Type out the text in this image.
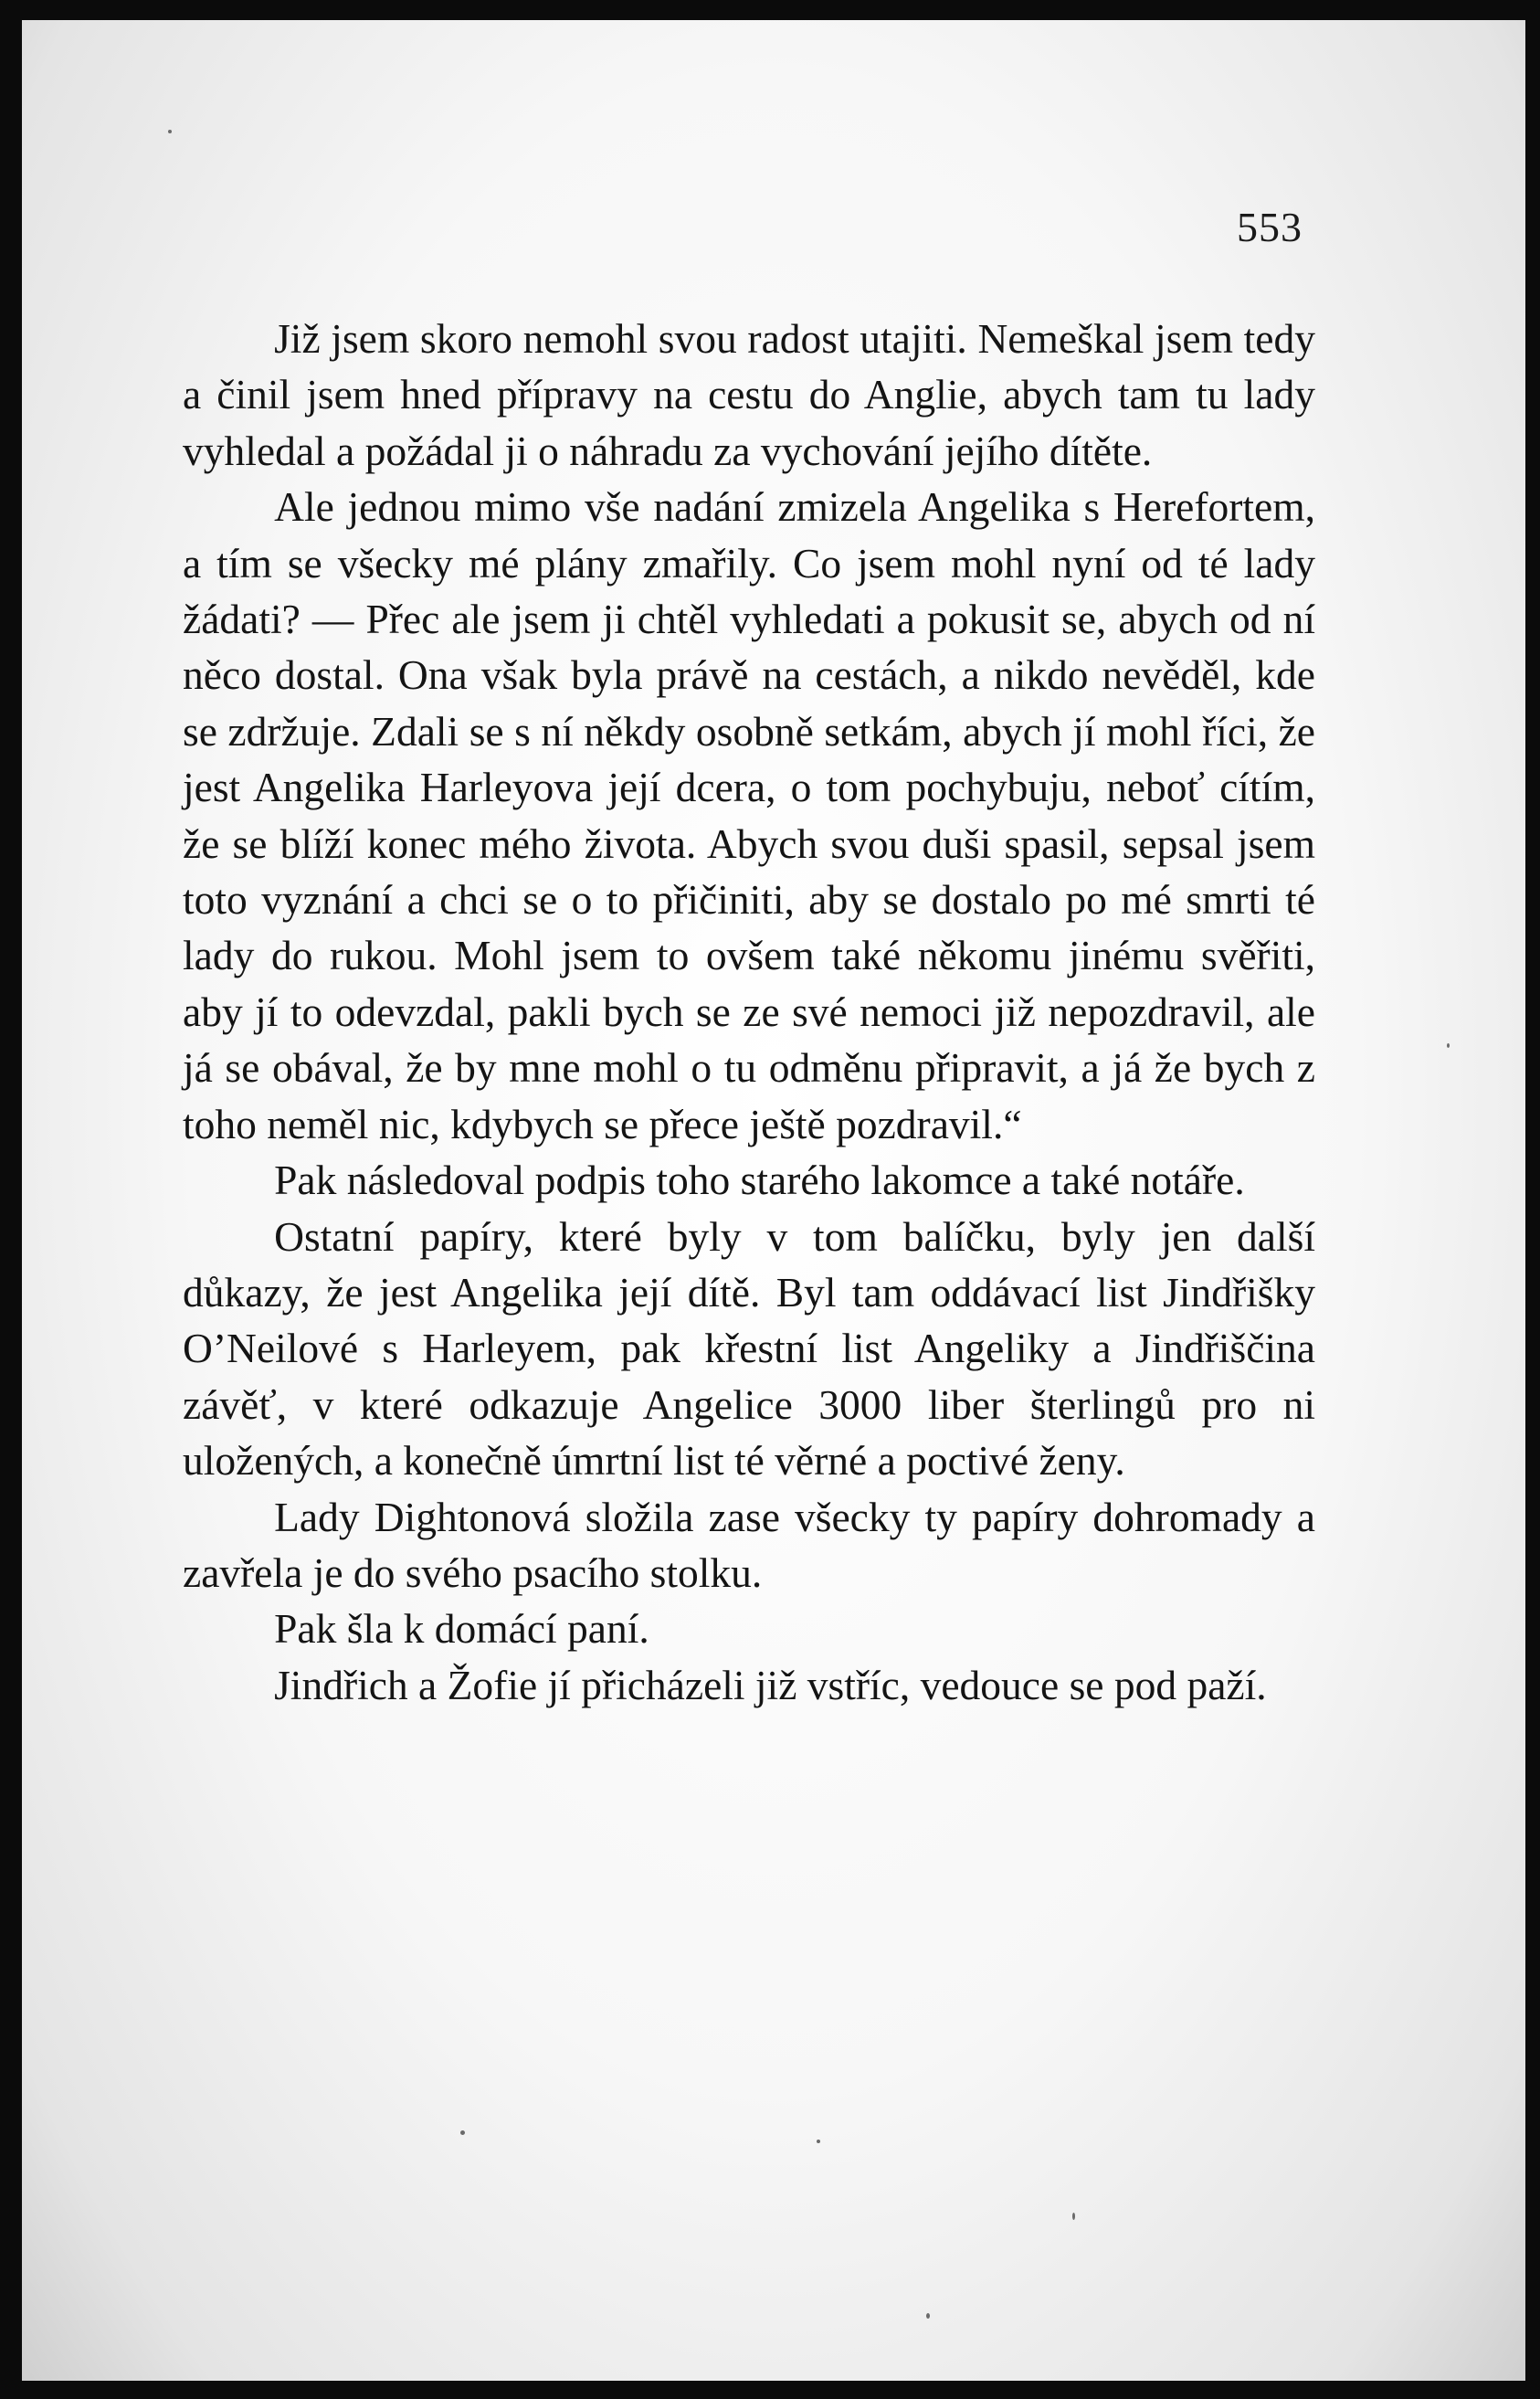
553

Již jsem skoro nemohl svou radost utajiti. Nemeškal jsem tedy a činil jsem hned přípravy na cestu do Anglie, abych tam tu lady vyhledal a požádal ji o náhradu za vychování jejího dítěte.

Ale jednou mimo vše nadání zmizela Angelika s Herefortem, a tím se všecky mé plány zmařily. Co jsem mohl nyní od té lady žádati? — Přec ale jsem ji chtěl vyhledati a pokusit se, abych od ní něco dostal. Ona však byla právě na cestách, a nikdo nevěděl, kde se zdržuje. Zdali se s ní někdy osobně setkám, abych jí mohl říci, že jest Angelika Harleyova její dcera, o tom pochybuju, neboť cítím, že se blíží konec mého života. Abych svou duši spasil, sepsal jsem toto vyznání a chci se o to přičiniti, aby se dostalo po mé smrti té lady do rukou. Mohl jsem to ovšem také někomu jinému svěřiti, aby jí to odevzdal, pakli bych se ze své nemoci již nepozdravil, ale já se obával, že by mne mohl o tu odměnu připravit, a já že bych z toho neměl nic, kdybych se přece ještě pozdravil.“

Pak následoval podpis toho starého lakomce a také notáře.

Ostatní papíry, které byly v tom balíčku, byly jen další důkazy, že jest Angelika její dítě. Byl tam oddávací list Jindřišky O’Neilové s Harleyem, pak křestní list Angeliky a Jindřiščina závěť, v které odkazuje Angelice 3000 liber šterlingů pro ni uložených, a konečně úmrtní list té věrné a poctivé ženy.

Lady Dightonová složila zase všecky ty papíry dohromady a zavřela je do svého psacího stolku.

Pak šla k domácí paní.

Jindřich a Žofie jí přicházeli již vstříc, vedouce se pod paží.
